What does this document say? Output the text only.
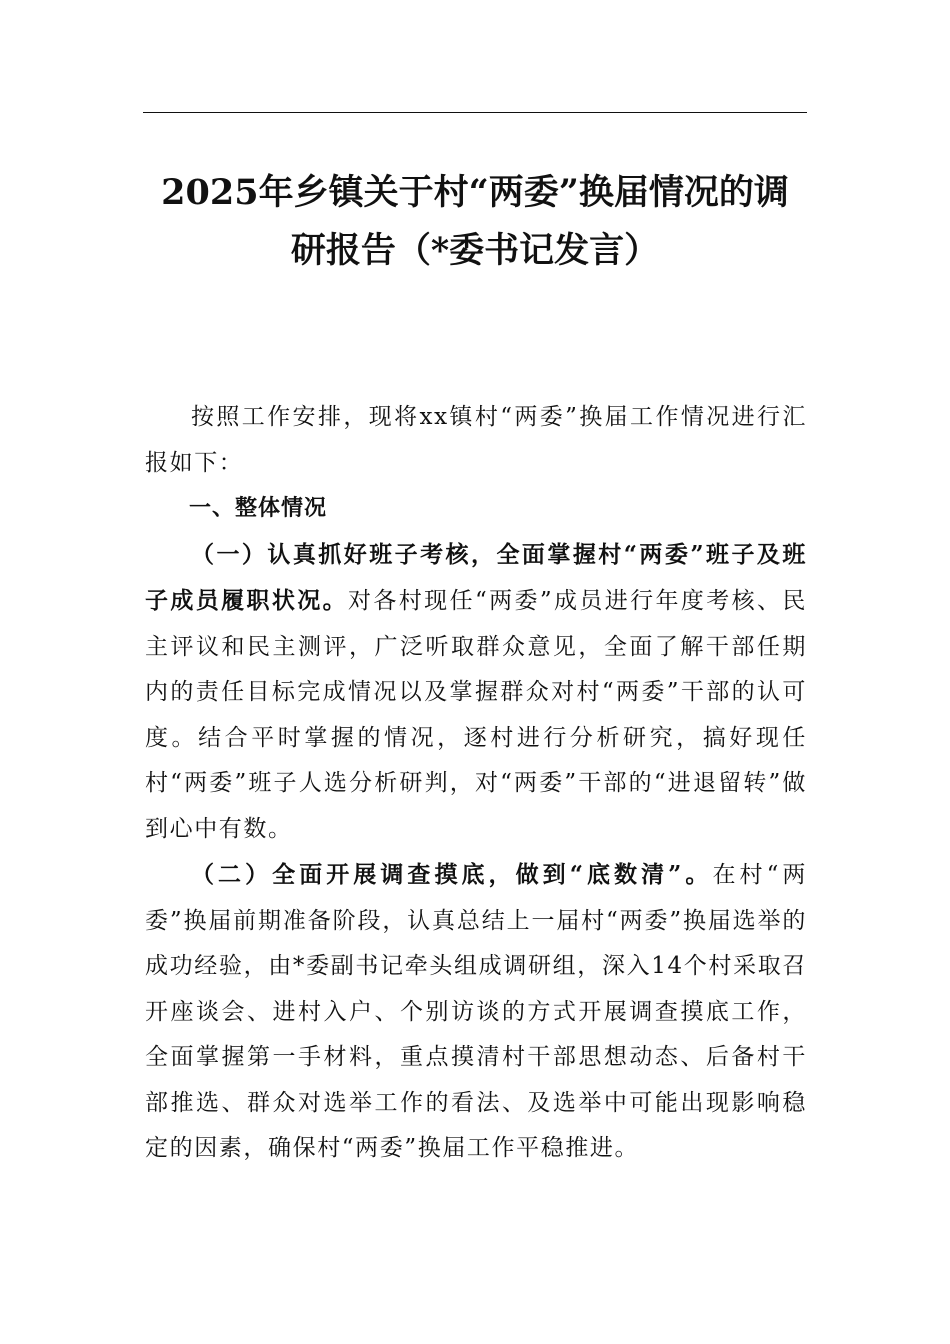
2025年乡镇关于村“两委”换届情况的调
研报告（*委书记发言）

按照工作安排，现将xx镇村“两委”换届工作情况进行汇报如下：

一、整体情况

（一）认真抓好班子考核，全面掌握村“两委”班子及班子成员履职状况。对各村现任“两委”成员进行年度考核、民主评议和民主测评，广泛听取群众意见，全面了解干部任期内的责任目标完成情况以及掌握群众对村“两委”干部的认可度。结合平时掌握的情况，逐村进行分析研究，搞好现任村“两委”班子人选分析研判，对“两委”干部的“进退留转”做到心中有数。

（二）全面开展调查摸底，做到“底数清”。在村“两委”换届前期准备阶段，认真总结上一届村“两委”换届选举的成功经验，由*委副书记牵头组成调研组，深入14个村采取召开座谈会、进村入户、个别访谈的方式开展调查摸底工作，全面掌握第一手材料，重点摸清村干部思想动态、后备村干部推选、群众对选举工作的看法、及选举中可能出现影响稳定的因素，确保村“两委”换届工作平稳推进。
